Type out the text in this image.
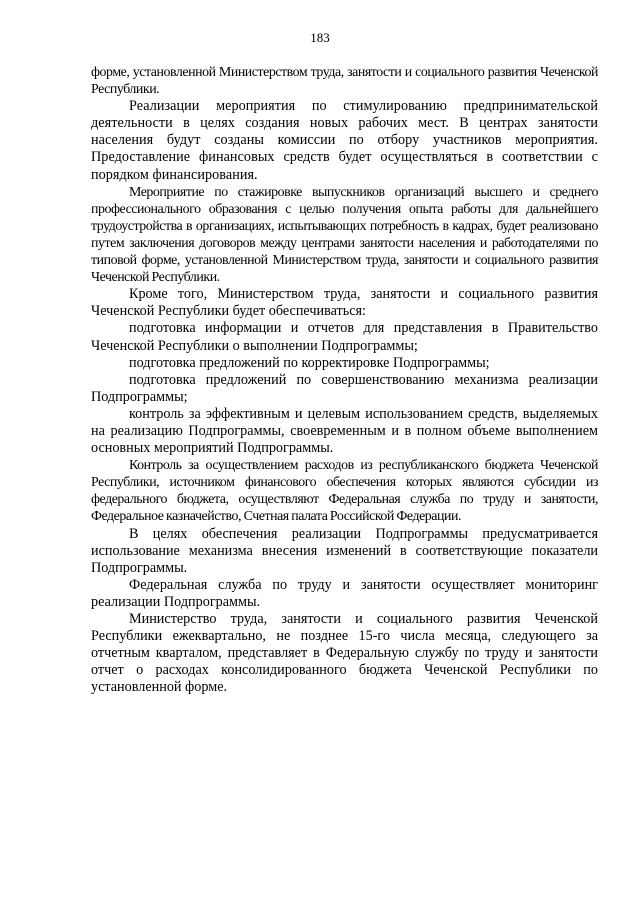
183

форме, установленной Министерством труда, занятости и социального развития Чеченской Республики.

Реализации мероприятия по стимулированию предпринимательской деятельности в целях создания новых рабочих мест. В центрах занятости населения будут созданы комиссии по отбору участников мероприятия. Предоставление финансовых средств будет осуществляться в соответствии с порядком финансирования.

Мероприятие по стажировке выпускников организаций высшего и среднего профессионального образования с целью получения опыта работы для дальнейшего трудоустройства в организациях, испытывающих потребность в кадрах, будет реализовано путем заключения договоров между центрами занятости населения и работодателями по типовой форме, установленной Министерством труда, занятости и социального развития Чеченской Республики.

Кроме того, Министерством труда, занятости и социального развития Чеченской Республики будет обеспечиваться:

подготовка информации и отчетов для представления в Правительство Чеченской Республики о выполнении Подпрограммы;

подготовка предложений по корректировке Подпрограммы;

подготовка предложений по совершенствованию механизма реализации Подпрограммы;

контроль за эффективным и целевым использованием средств, выделяемых на реализацию Подпрограммы, своевременным и в полном объеме выполнением основных мероприятий Подпрограммы.

Контроль за осуществлением расходов из республиканского бюджета Чеченской Республики, источником финансового обеспечения которых являются субсидии из федерального бюджета, осуществляют Федеральная служба по труду и занятости, Федеральное казначейство, Счетная палата Российской Федерации.

В целях обеспечения реализации Подпрограммы предусматривается использование механизма внесения изменений в соответствующие показатели Подпрограммы.

Федеральная служба по труду и занятости осуществляет мониторинг реализации Подпрограммы.

Министерство труда, занятости и социального развития Чеченской Республики ежеквартально, не позднее 15-го числа месяца, следующего за отчетным кварталом, представляет в Федеральную службу по труду и занятости отчет о расходах консолидированного бюджета Чеченской Республики по установленной форме.
